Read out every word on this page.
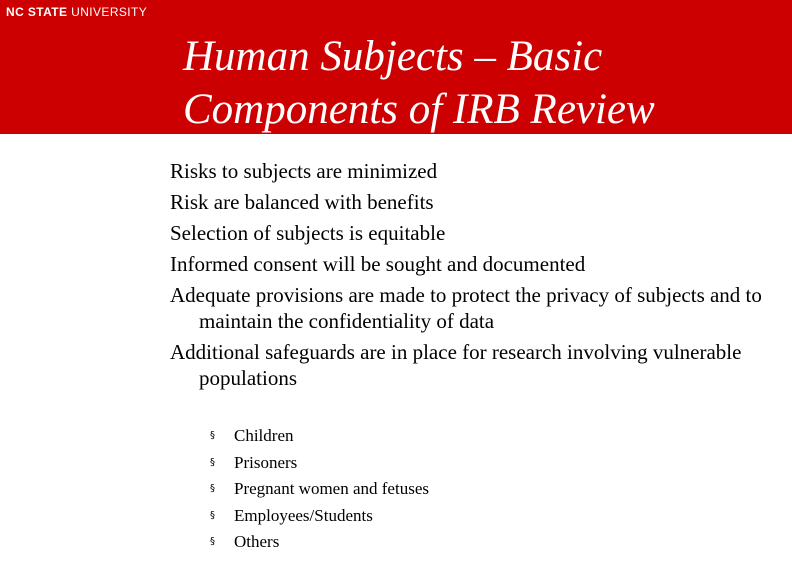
NC STATE UNIVERSITY
Human Subjects – Basic
Components of IRB Review
Risks to subjects are minimized
Risk are balanced with benefits
Selection of subjects is equitable
Informed consent will be sought and documented
Adequate provisions are made to protect the privacy of subjects and to maintain the confidentiality of data
Additional safeguards are in place for research involving vulnerable populations
§	Children
§	Prisoners
§	Pregnant women and fetuses
§	Employees/Students
§	Others
